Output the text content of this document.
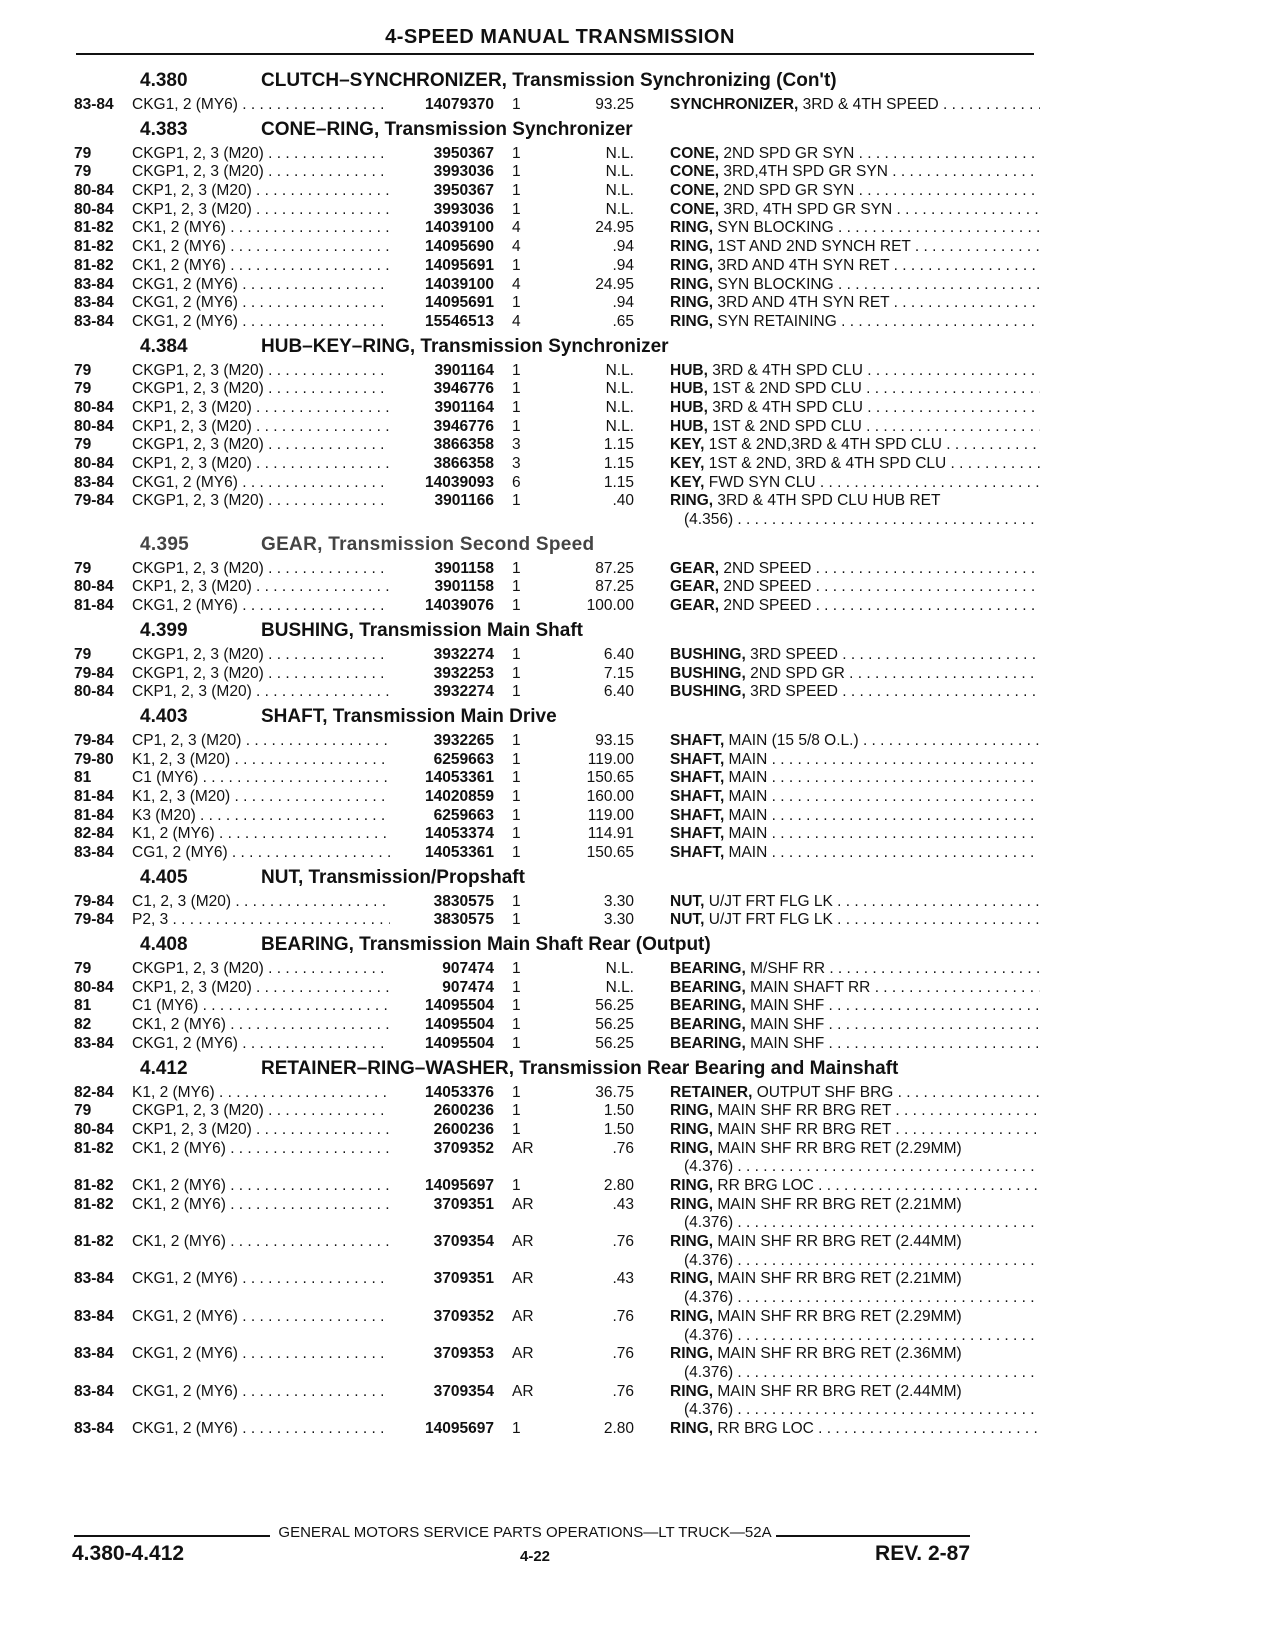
4-SPEED MANUAL TRANSMISSION
4.380	CLUTCH–SYNCHRONIZER, Transmission Synchronizing (Con't)
83-84	CKG1, 2 (MY6) . . .	14079370 1	93.25 SYNCHRONIZER, 3RD & 4TH SPEED . . .
4.383	CONE–RING, Transmission Synchronizer
79	CKGP1, 2, 3 (M20) . . .	3950367 1	N.L. CONE, 2ND SPD GR SYN . . .
79	CKGP1, 2, 3 (M20) . . .	3993036 1	N.L. CONE, 3RD,4TH SPD GR SYN . . .
80-84	CKP1, 2, 3 (M20) . . .	3950367 1	N.L. CONE, 2ND SPD GR SYN . . .
80-84	CKP1, 2, 3 (M20) . . .	3993036 1	N.L. CONE, 3RD, 4TH SPD GR SYN . . .
81-82	CK1, 2 (MY6) . . .	14039100 4	24.95 RING, SYN BLOCKING . . .
81-82	CK1, 2 (MY6) . . .	14095690 4	.94 RING, 1ST AND 2ND SYNCH RET . . .
81-82	CK1, 2 (MY6) . . .	14095691 1	.94 RING, 3RD AND 4TH SYN RET . . .
83-84	CKG1, 2 (MY6) . . .	14039100 4	24.95 RING, SYN BLOCKING . . .
83-84	CKG1, 2 (MY6) . . .	14095691 1	.94 RING, 3RD AND 4TH SYN RET . . .
83-84	CKG1, 2 (MY6) . . .	15546513 4	.65 RING, SYN RETAINING . . .
4.384	HUB–KEY–RING, Transmission Synchronizer
79	CKGP1, 2, 3 (M20) . . .	3901164 1	N.L. HUB, 3RD & 4TH SPD CLU . . .
79	CKGP1, 2, 3 (M20) . . .	3946776 1	N.L. HUB, 1ST & 2ND SPD CLU . . .
80-84	CKP1, 2, 3 (M20) . . .	3901164 1	N.L. HUB, 3RD & 4TH SPD CLU . . .
80-84	CKP1, 2, 3 (M20) . . .	3946776 1	N.L. HUB, 1ST & 2ND SPD CLU . . .
79	CKGP1, 2, 3 (M20) . . .	3866358 3	1.15 KEY, 1ST & 2ND,3RD & 4TH SPD CLU . . .
80-84	CKP1, 2, 3 (M20) . . .	3866358 3	1.15 KEY, 1ST & 2ND, 3RD & 4TH SPD CLU . . .
83-84	CKG1, 2 (MY6) . . .	14039093 6	1.15 KEY, FWD SYN CLU . . .
79-84	CKGP1, 2, 3 (M20) . . .	3901166 1	.40 RING, 3RD & 4TH SPD CLU HUB RET
(4.356) . . .
4.395	GEAR, Transmission Second Speed
79	CKGP1, 2, 3 (M20) . . .	3901158 1	87.25 GEAR, 2ND SPEED . . .
80-84	CKP1, 2, 3 (M20) . . .	3901158 1	87.25 GEAR, 2ND SPEED . . .
81-84	CKG1, 2 (MY6) . . .	14039076 1	100.00 GEAR, 2ND SPEED . . .
4.399	BUSHING, Transmission Main Shaft
79	CKGP1, 2, 3 (M20) . . .	3932274 1	6.40 BUSHING, 3RD SPEED . . .
79-84	CKGP1, 2, 3 (M20) . . .	3932253 1	7.15 BUSHING, 2ND SPD GR . . .
80-84	CKP1, 2, 3 (M20) . . .	3932274 1	6.40 BUSHING, 3RD SPEED . . .
4.403	SHAFT, Transmission Main Drive
79-84	CP1, 2, 3 (M20) . . .	3932265 1	93.15 SHAFT, MAIN (15 5/8 O.L.) . . .
79-80	K1, 2, 3 (M20) . . .	6259663 1	119.00 SHAFT, MAIN . . .
81	C1 (MY6) . . .	14053361 1	150.65 SHAFT, MAIN . . .
81-84	K1, 2, 3 (M20) . . .	14020859 1	160.00 SHAFT, MAIN . . .
81-84	K3 (M20) . . .	6259663 1	119.00 SHAFT, MAIN . . .
82-84	K1, 2 (MY6) . . .	14053374 1	114.91 SHAFT, MAIN . . .
83-84	CG1, 2 (MY6) . . .	14053361 1	150.65 SHAFT, MAIN . . .
4.405	NUT, Transmission/Propshaft
79-84	C1, 2, 3 (M20) . . .	3830575 1	3.30 NUT, U/JT FRT FLG LK . . .
79-84	P2, 3 . . .	3830575 1	3.30 NUT, U/JT FRT FLG LK . . .
4.408	BEARING, Transmission Main Shaft Rear (Output)
79	CKGP1, 2, 3 (M20) . . .	907474 1	N.L. BEARING, M/SHF RR . . .
80-84	CKP1, 2, 3 (M20) . . .	907474 1	N.L. BEARING, MAIN SHAFT RR . . .
81	C1 (MY6) . . .	14095504 1	56.25 BEARING, MAIN SHF . . .
82	CK1, 2 (MY6) . . .	14095504 1	56.25 BEARING, MAIN SHF . . .
83-84	CKG1, 2 (MY6) . . .	14095504 1	56.25 BEARING, MAIN SHF . . .
4.412	RETAINER–RING–WASHER, Transmission Rear Bearing and Mainshaft
82-84	K1, 2 (MY6) . . .	14053376 1	36.75 RETAINER, OUTPUT SHF BRG . . .
79	CKGP1, 2, 3 (M20) . . .	2600236 1	1.50 RING, MAIN SHF RR BRG RET . . .
80-84	CKP1, 2, 3 (M20) . . .	2600236 1	1.50 RING, MAIN SHF RR BRG RET . . .
81-82	CK1, 2 (MY6) . . .	3709352 AR	.76 RING, MAIN SHF RR BRG RET (2.29MM)
(4.376) . . .
81-82	CK1, 2 (MY6) . . .	14095697 1	2.80 RING, RR BRG LOC . . .
81-82	CK1, 2 (MY6) . . .	3709351 AR	.43 RING, MAIN SHF RR BRG RET (2.21MM)
(4.376) . . .
81-82	CK1, 2 (MY6) . . .	3709354 AR	.76 RING, MAIN SHF RR BRG RET (2.44MM)
(4.376) . . .
83-84	CKG1, 2 (MY6) . . .	3709351 AR	.43 RING, MAIN SHF RR BRG RET (2.21MM)
(4.376) . . .
83-84	CKG1, 2 (MY6) . . .	3709352 AR	.76 RING, MAIN SHF RR BRG RET (2.29MM)
(4.376) . . .
83-84	CKG1, 2 (MY6) . . .	3709353 AR	.76 RING, MAIN SHF RR BRG RET (2.36MM)
(4.376) . . .
83-84	CKG1, 2 (MY6) . . .	3709354 AR	.76 RING, MAIN SHF RR BRG RET (2.44MM)
(4.376) . . .
83-84	CKG1, 2 (MY6) . . .	14095697 1	2.80 RING, RR BRG LOC . . .
GENERAL MOTORS SERVICE PARTS OPERATIONS—LT TRUCK—52A
4.380-4.412	4-22	REV. 2-87
